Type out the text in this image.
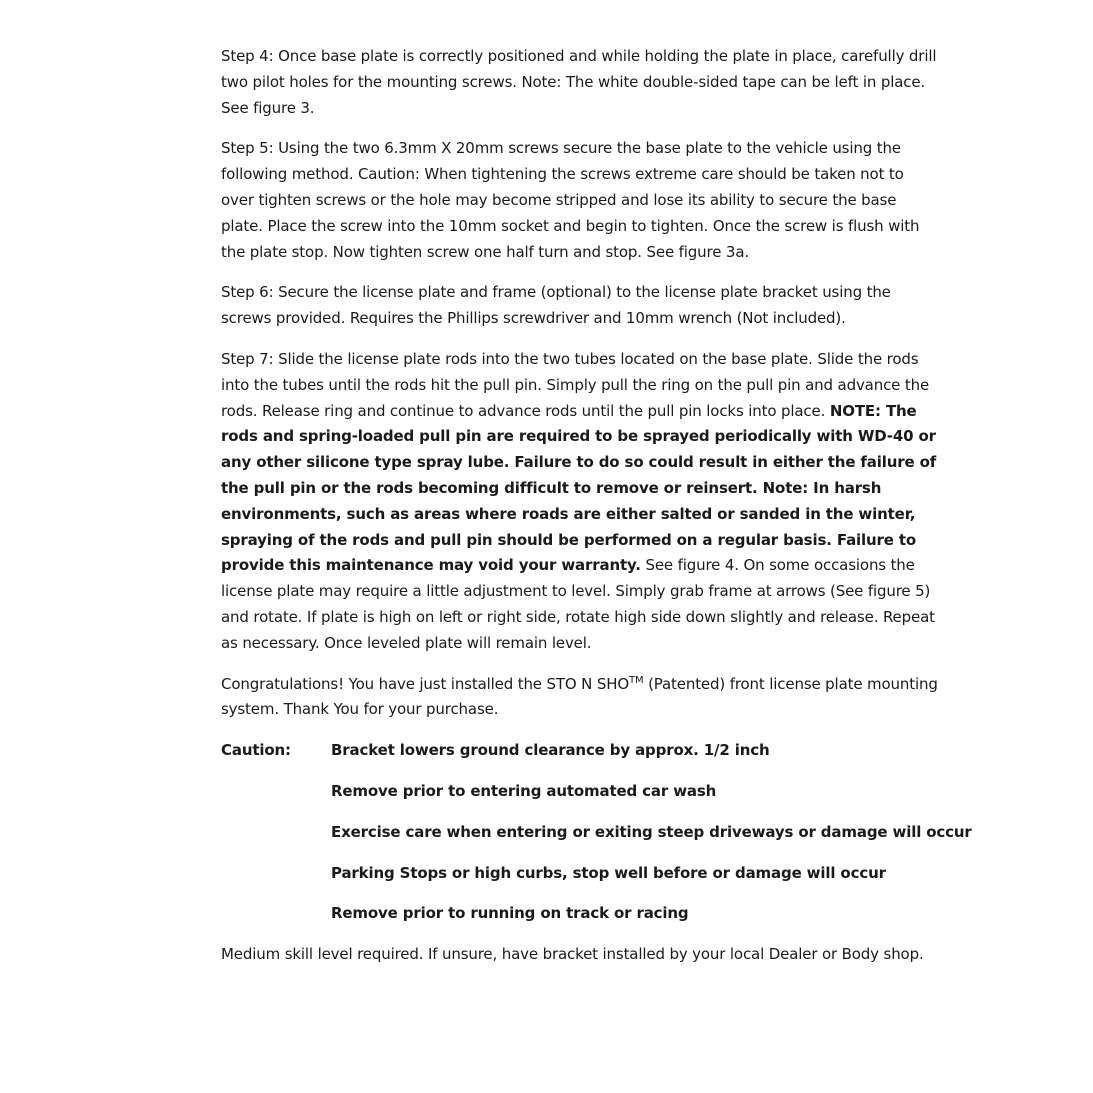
Step 4: Once base plate is correctly positioned and while holding the plate in place, carefully drill two pilot holes for the mounting screws. Note: The white double-sided tape can be left in place. See figure 3.

Step 5: Using the two 6.3mm X 20mm screws secure the base plate to the vehicle using the following method. Caution: When tightening the screws extreme care should be taken not to over tighten screws or the hole may become stripped and lose its ability to secure the base plate. Place the screw into the 10mm socket and begin to tighten. Once the screw is flush with the plate stop. Now tighten screw one half turn and stop. See figure 3a.

Step 6: Secure the license plate and frame (optional) to the license plate bracket using the screws provided. Requires the Phillips screwdriver and 10mm wrench (Not included).

Step 7: Slide the license plate rods into the two tubes located on the base plate. Slide the rods into the tubes until the rods hit the pull pin. Simply pull the ring on the pull pin and advance the rods. Release ring and continue to advance rods until the pull pin locks into place. NOTE: The rods and spring-loaded pull pin are required to be sprayed periodically with WD-40 or any other silicone type spray lube. Failure to do so could result in either the failure of the pull pin or the rods becoming difficult to remove or reinsert. Note: In harsh environments, such as areas where roads are either salted or sanded in the winter, spraying of the rods and pull pin should be performed on a regular basis. Failure to provide this maintenance may void your warranty. See figure 4. On some occasions the license plate may require a little adjustment to level. Simply grab frame at arrows (See figure 5) and rotate. If plate is high on left or right side, rotate high side down slightly and release. Repeat as necessary. Once leveled plate will remain level.

Congratulations! You have just installed the STO N SHO™ (Patented) front license plate mounting system. Thank You for your purchase.

Caution:	Bracket lowers ground clearance by approx. 1/2 inch
Remove prior to entering automated car wash
Exercise care when entering or exiting steep driveways or damage will occur
Parking Stops or high curbs, stop well before or damage will occur
Remove prior to running on track or racing

Medium skill level required. If unsure, have bracket installed by your local Dealer or Body shop.
